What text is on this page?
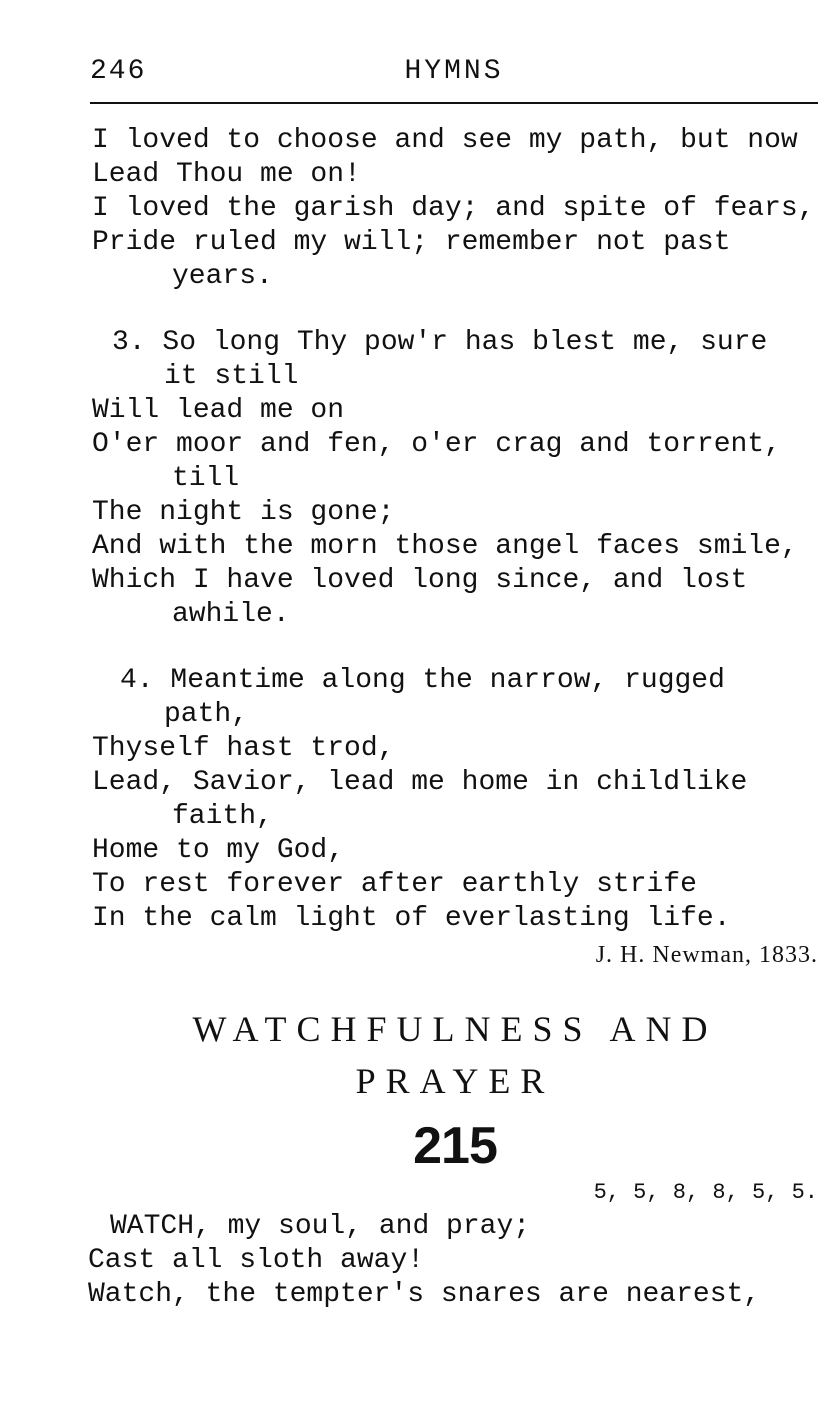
246	HYMNS
I loved to choose and see my path, but now
Lead Thou me on!
I loved the garish day; and spite of fears,
Pride ruled my will; remember not past
years.
3. So long Thy pow'r has blest me, sure
it still
Will lead me on
O'er moor and fen, o'er crag and torrent,
till
The night is gone;
And with the morn those angel faces smile,
Which I have loved long since, and lost
awhile.
4. Meantime along the narrow, rugged
path,
Thyself hast trod,
Lead, Savior, lead me home in childlike
faith,
Home to my God,
To rest forever after earthly strife
In the calm light of everlasting life.
J. H. Newman, 1833.
WATCHFULNESS AND
PRAYER
215
5, 5, 8, 8, 5, 5.
WATCH, my soul, and pray;
Cast all sloth away!
Watch, the tempter's snares are nearest,
